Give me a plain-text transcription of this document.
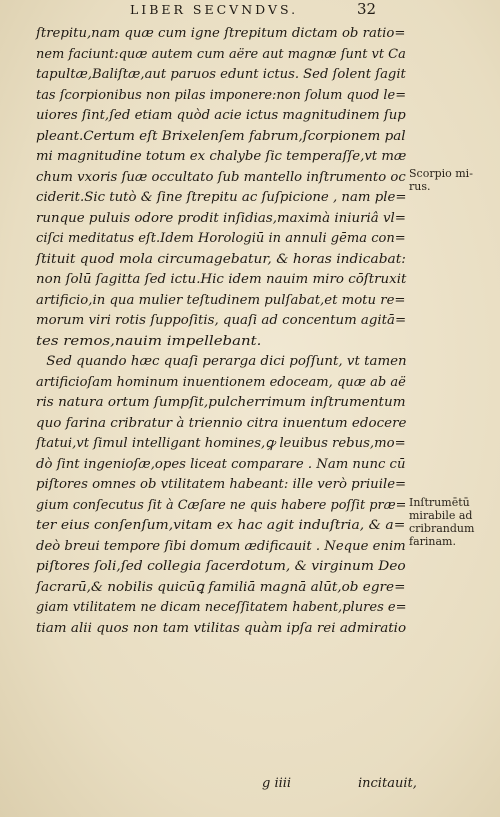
LIBER SECVNDVS.	32
ſtrepitu,nam quæ cum igne ſtrepitum dictam ob ratio=
nem faciunt:quæ autem cum aëre aut magnæ ſunt vt Ca
tapultæ,Baliſtæ,aut paruos edunt ictus. Sed ſolent ſagit
tas ſcorpionibus non pilas imponere:non ſolum quod le=
uiores ſint,ſed etiam quòd acie ictus magnitudinem ſup
pleant.Certum eſt Brixelenſem fabrum,ſcorpionem pal
mi magnitudine totum ex chalybe ſic temperaſſe,vt mæ
chum vxoris ſuæ occultato ſub mantello inſtrumento oc
ciderit.Sic tutò & ſine ſtrepitu ac ſuſpicione , nam ple=
runque puluis odore prodit inſidias,maximà iniuriâ vl=
ciſci meditatus eſt.Idem Horologiū in annuli gēma con=
ſtituit quod mola circumagebatur, & horas indicabat:
non ſolū ſagitta ſed ictu.Hic idem nauim miro cōſtruxit
artificio,in qua mulier teſtudinem pulſabat,et motu re=
morum viri rotis ſuppoſitis, quaſi ad concentum agitā=
tes remos,nauim impellebant.
Sed quando hæc quaſi perarga dici poſſunt, vt tamen
artificioſam hominum inuentionem edoceam, quæ ab aë
ris natura ortum ſumpſit,pulcherrimum inſtrumentum
quo farina cribratur à triennio citra inuentum edocere
ſtatui,vt ſimul intelligant homines,ꝙ leuibus rebus,mo=
dò ſint ingenioſæ,opes liceat comparare . Nam nunc cū
piſtores omnes ob vtilitatem habeant: ille verò priuile=
gium conſecutus ſit à Cæſare ne quis habere poſſit præ=
ter eius conſenſum,vitam ex hac agit induſtria, & a=
deò breui tempore ſibi domum ædificauit . Neque enim
piſtores ſoli,ſed collegia ſacerdotum, & virginum Deo
ſacrarū,& nobilis quicūꝗ familiā magnā alūt,ob egre=
giam vtilitatem ne dicam neceſſitatem habent,plures e=
tiam alii quos non tam vtilitas quàm ipſa rei admiratio
Scorpio mi-
rus.
Inſtrumētū
mirabile ad
cribrandum
farinam.
g iiii	incitauit,
